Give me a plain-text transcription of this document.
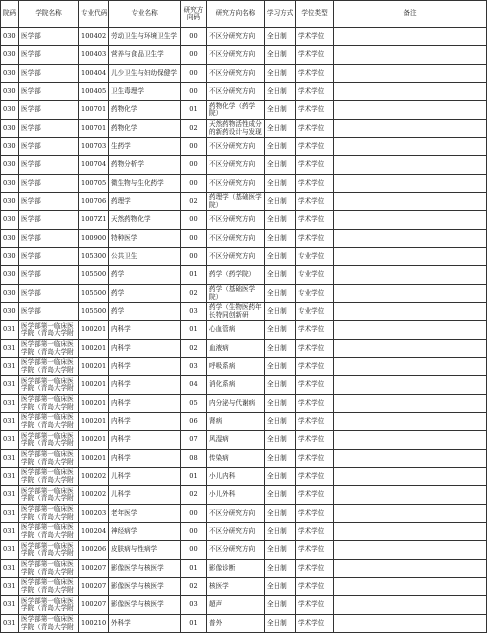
院码	学院名称	专业代码	专业名称	研究方向码	研究方向名称	学习方式	学位类型	备注
030	医学部	100402	劳动卫生与环境卫生学	00	不区分研究方向	全日制	学术学位	
030	医学部	100403	营养与食品卫生学	00	不区分研究方向	全日制	学术学位	
030	医学部	100404	儿少卫生与妇幼保健学	00	不区分研究方向	全日制	学术学位	
030	医学部	100405	卫生毒理学	00	不区分研究方向	全日制	学术学位	
030	医学部	100701	药物化学	01	药物化学（药学院）	全日制	学术学位	
030	医学部	100701	药物化学	02	天然药物活性成分的新药设计与发现	全日制	学术学位	
030	医学部	100703	生药学	00	不区分研究方向	全日制	学术学位	
030	医学部	100704	药物分析学	00	不区分研究方向	全日制	学术学位	
030	医学部	100705	微生物与生化药学	00	不区分研究方向	全日制	学术学位	
030	医学部	100706	药理学	02	药理学（基础医学院）	全日制	学术学位	
030	医学部	1007Z1	天然药物化学	00	不区分研究方向	全日制	学术学位	
030	医学部	100900	特种医学	00	不区分研究方向	全日制	学术学位	
030	医学部	105300	公共卫生	00	不区分研究方向	全日制	专业学位	
030	医学部	105500	药学	01	药学（药学院）	全日制	专业学位	
030	医学部	105500	药学	02	药学（基础医学院）	全日制	专业学位	
030	医学部	105500	药学	03	药学（生物医药年长特同创新研	全日制	专业学位	
031	医学部第一临床医学院（青岛大学附	100201	内科学	01	心血管病	全日制	学术学位	
031	医学部第一临床医学院（青岛大学附	100201	内科学	02	血液病	全日制	学术学位	
031	医学部第一临床医学院（青岛大学附	100201	内科学	03	呼吸系病	全日制	学术学位	
031	医学部第一临床医学院（青岛大学附	100201	内科学	04	消化系病	全日制	学术学位	
031	医学部第一临床医学院（青岛大学附	100201	内科学	05	内分泌与代谢病	全日制	学术学位	
031	医学部第一临床医学院（青岛大学附	100201	内科学	06	肾病	全日制	学术学位	
031	医学部第一临床医学院（青岛大学附	100201	内科学	07	风湿病	全日制	学术学位	
031	医学部第一临床医学院（青岛大学附	100201	内科学	08	传染病	全日制	学术学位	
031	医学部第一临床医学院（青岛大学附	100202	儿科学	01	小儿内科	全日制	学术学位	
031	医学部第一临床医学院（青岛大学附	100202	儿科学	02	小儿外科	全日制	学术学位	
031	医学部第一临床医学院（青岛大学附	100203	老年医学	00	不区分研究方向	全日制	学术学位	
031	医学部第一临床医学院（青岛大学附	100204	神经病学	00	不区分研究方向	全日制	学术学位	
031	医学部第一临床医学院（青岛大学附	100206	皮肤病与性病学	00	不区分研究方向	全日制	学术学位	
031	医学部第一临床医学院（青岛大学附	100207	影像医学与核医学	01	影像诊断	全日制	学术学位	
031	医学部第一临床医学院（青岛大学附	100207	影像医学与核医学	02	核医学	全日制	学术学位	
031	医学部第一临床医学院（青岛大学附	100207	影像医学与核医学	03	超声	全日制	学术学位	
031	医学部第一临床医学院（青岛大学附	100210	外科学	01	普外	全日制	学术学位	
